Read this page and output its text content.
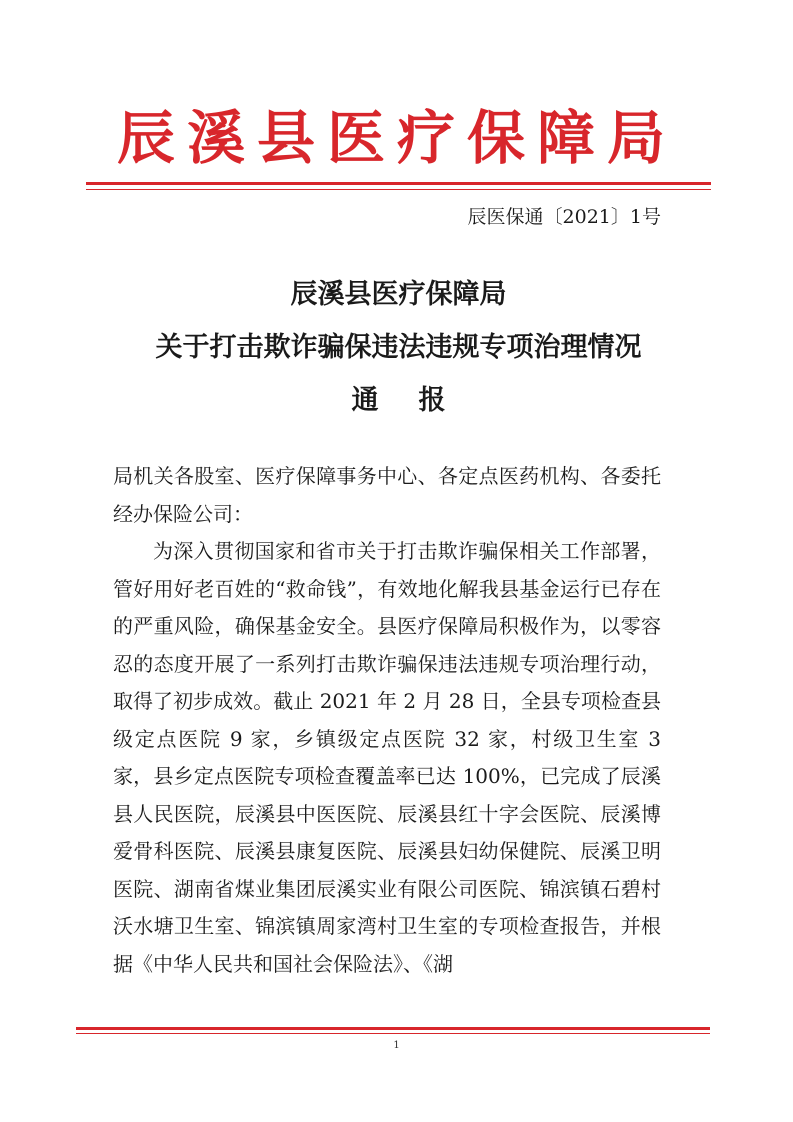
辰溪县医疗保障局
辰医保通〔2021〕1号
辰溪县医疗保障局
关于打击欺诈骗保违法违规专项治理情况
通报

局机关各股室、医疗保障事务中心、各定点医药机构、各委托经办保险公司：

为深入贯彻国家和省市关于打击欺诈骗保相关工作部署，管好用好老百姓的“救命钱”，有效地化解我县基金运行已存在的严重风险，确保基金安全。县医疗保障局积极作为，以零容忍的态度开展了一系列打击欺诈骗保违法违规专项治理行动，取得了初步成效。截止 2021 年 2 月 28 日，全县专项检查县级定点医院 9 家，乡镇级定点医院 32 家，村级卫生室 3 家，县乡定点医院专项检查覆盖率已达 100%，已完成了辰溪县人民医院，辰溪县中医医院、辰溪县红十字会医院、辰溪博爱骨科医院、辰溪县康复医院、辰溪县妇幼保健院、辰溪卫明医院、湖南省煤业集团辰溪实业有限公司医院、锦滨镇石碧村沃水塘卫生室、锦滨镇周家湾村卫生室的专项检查报告，并根据《中华人民共和国社会保险法》、《湖

1
